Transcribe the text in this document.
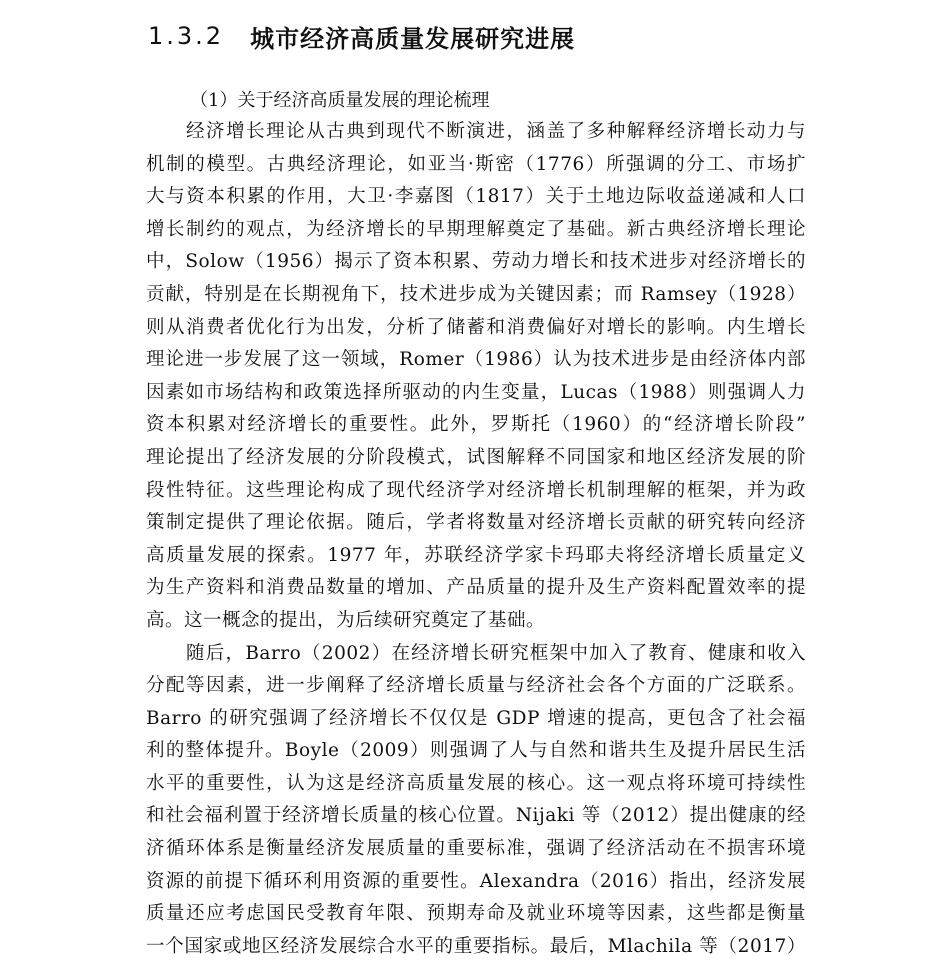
1.3.2 城市经济高质量发展研究进展
（1）关于经济高质量发展的理论梳理
经济增长理论从古典到现代不断演进，涵盖了多种解释经济增长动力与
机制的模型。古典经济理论，如亚当·斯密（1776）所强调的分工、市场扩
大与资本积累的作用，大卫·李嘉图（1817）关于土地边际收益递减和人口
增长制约的观点，为经济增长的早期理解奠定了基础。新古典经济增长理论
中，Solow（1956）揭示了资本积累、劳动力增长和技术进步对经济增长的
贡献，特别是在长期视角下，技术进步成为关键因素；而 Ramsey（1928）
则从消费者优化行为出发，分析了储蓄和消费偏好对增长的影响。内生增长
理论进一步发展了这一领域，Romer（1986）认为技术进步是由经济体内部
因素如市场结构和政策选择所驱动的内生变量，Lucas（1988）则强调人力
资本积累对经济增长的重要性。此外，罗斯托（1960）的“经济增长阶段”
理论提出了经济发展的分阶段模式，试图解释不同国家和地区经济发展的阶
段性特征。这些理论构成了现代经济学对经济增长机制理解的框架，并为政
策制定提供了理论依据。随后，学者将数量对经济增长贡献的研究转向经济
高质量发展的探索。1977 年，苏联经济学家卡玛耶夫将经济增长质量定义
为生产资料和消费品数量的增加、产品质量的提升及生产资料配置效率的提
高。这一概念的提出，为后续研究奠定了基础。
随后，Barro（2002）在经济增长研究框架中加入了教育、健康和收入
分配等因素，进一步阐释了经济增长质量与经济社会各个方面的广泛联系。
Barro 的研究强调了经济增长不仅仅是 GDP 增速的提高，更包含了社会福
利的整体提升。Boyle（2009）则强调了人与自然和谐共生及提升居民生活
水平的重要性，认为这是经济高质量发展的核心。这一观点将环境可持续性
和社会福利置于经济增长质量的核心位置。Nijaki 等（2012）提出健康的经
济循环体系是衡量经济发展质量的重要标准，强调了经济活动在不损害环境
资源的前提下循环利用资源的重要性。Alexandra（2016）指出，经济发展
质量还应考虑国民受教育年限、预期寿命及就业环境等因素，这些都是衡量
一个国家或地区经济发展综合水平的重要指标。最后，Mlachila 等（2017）
